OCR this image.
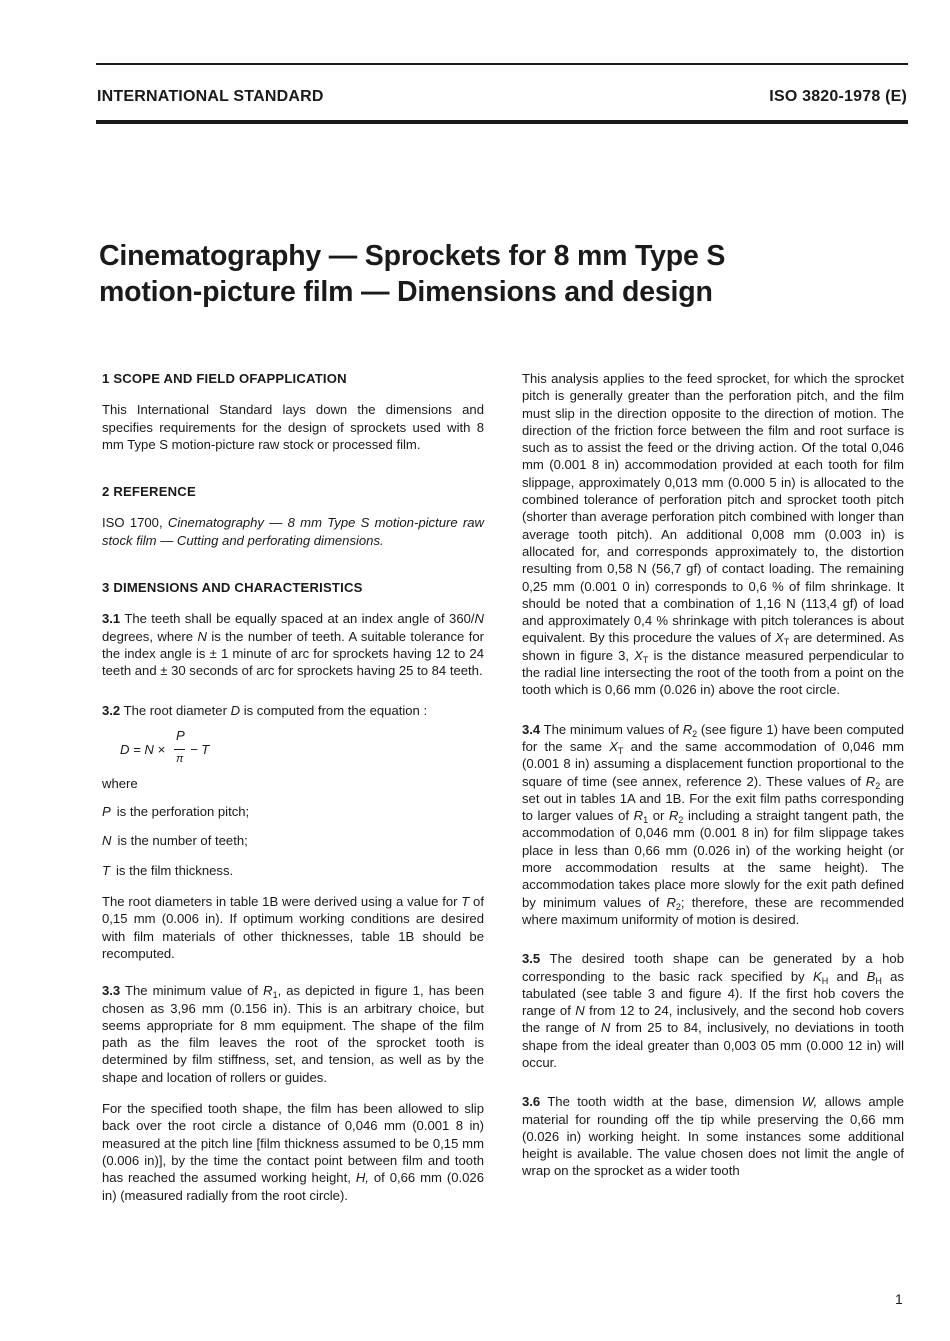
INTERNATIONAL STANDARD	ISO 3820-1978 (E)
Cinematography — Sprockets for 8 mm Type S
motion-picture film — Dimensions and design

1 SCOPE AND FIELD OFAPPLICATION

This International Standard lays down the dimensions and specifies requirements for the design of sprockets used with 8 mm Type S motion-picture raw stock or processed film.

2 REFERENCE

ISO 1700, Cinematography — 8 mm Type S motion-picture raw stock film — Cutting and perforating dimensions.

3 DIMENSIONS AND CHARACTERISTICS

3.1 The teeth shall be equally spaced at an index angle of 360/N degrees, where N is the number of teeth. A suitable tolerance for the index angle is ± 1 minute of arc for sprockets having 12 to 24 teeth and ± 30 seconds of arc for sprockets having 25 to 84 teeth.

3.2 The root diameter D is computed from the equation :

D = N ×
P
π
− T

where

P is the perforation pitch;

N is the number of teeth;

T is the film thickness.

The root diameters in table 1B were derived using a value for T of 0,15 mm (0.006 in). If optimum working conditions are desired with film materials of other thicknesses, table 1B should be recomputed.

3.3 The minimum value of $R_1$, as depicted in figure 1, has been chosen as 3,96 mm (0.156 in). This is an arbitrary choice, but seems appropriate for 8 mm equipment. The shape of the film path as the film leaves the root of the sprocket tooth is determined by film stiffness, set, and tension, as well as by the shape and location of rollers or guides.

For the specified tooth shape, the film has been allowed to slip back over the root circle a distance of 0,046 mm (0.001 8 in) measured at the pitch line [film thickness assumed to be 0,15 mm (0.006 in)], by the time the contact point between film and tooth has reached the assumed working height, H, of 0,66 mm (0.026 in) (measured radially from the root circle).

This analysis applies to the feed sprocket, for which the sprocket pitch is generally greater than the perforation pitch, and the film must slip in the direction opposite to the direction of motion. The direction of the friction force between the film and root surface is such as to assist the feed or the driving action. Of the total 0,046 mm (0.001 8 in) accommodation provided at each tooth for film slippage, approximately 0,013 mm (0.000 5 in) is allocated to the combined tolerance of perforation pitch and sprocket tooth pitch (shorter than average perforation pitch combined with longer than average tooth pitch). An additional 0,008 mm (0.003 in) is allocated for, and corresponds approximately to, the distortion resulting from 0,58 N (56,7 gf) of contact loading. The remaining 0,25 mm (0.001 0 in) corresponds to 0,6 % of film shrinkage. It should be noted that a combination of 1,16 N (113,4 gf) of load and approximately 0,4 % shrinkage with pitch tolerances is about equivalent. By this procedure the values of $X_T$ are determined. As shown in figure 3, $X_T$ is the distance measured perpendicular to the radial line intersecting the root of the tooth from a point on the tooth which is 0,66 mm (0.026 in) above the root circle.

3.4 The minimum values of $R_2$ (see figure 1) have been computed for the same $X_T$ and the same accommodation of 0,046 mm (0.001 8 in) assuming a displacement function proportional to the square of time (see annex, reference 2). These values of $R_2$ are set out in tables 1A and 1B. For the exit film paths corresponding to larger values of $R_1$ or $R_2$ including a straight tangent path, the accommodation of 0,046 mm (0.001 8 in) for film slippage takes place in less than 0,66 mm (0.026 in) of the working height (or more accommodation results at the same height). The accommodation takes place more slowly for the exit path defined by minimum values of $R_2$; therefore, these are recommended where maximum uniformity of motion is desired.

3.5 The desired tooth shape can be generated by a hob corresponding to the basic rack specified by $K_H$ and $B_H$ as tabulated (see table 3 and figure 4). If the first hob covers the range of N from 12 to 24, inclusively, and the second hob covers the range of N from 25 to 84, inclusively, no deviations in tooth shape from the ideal greater than 0,003 05 mm (0.000 12 in) will occur.

3.6 The tooth width at the base, dimension W, allows ample material for rounding off the tip while preserving the 0,66 mm (0.026 in) working height. In some instances some additional height is available. The value chosen does not limit the angle of wrap on the sprocket as a wider tooth

1
